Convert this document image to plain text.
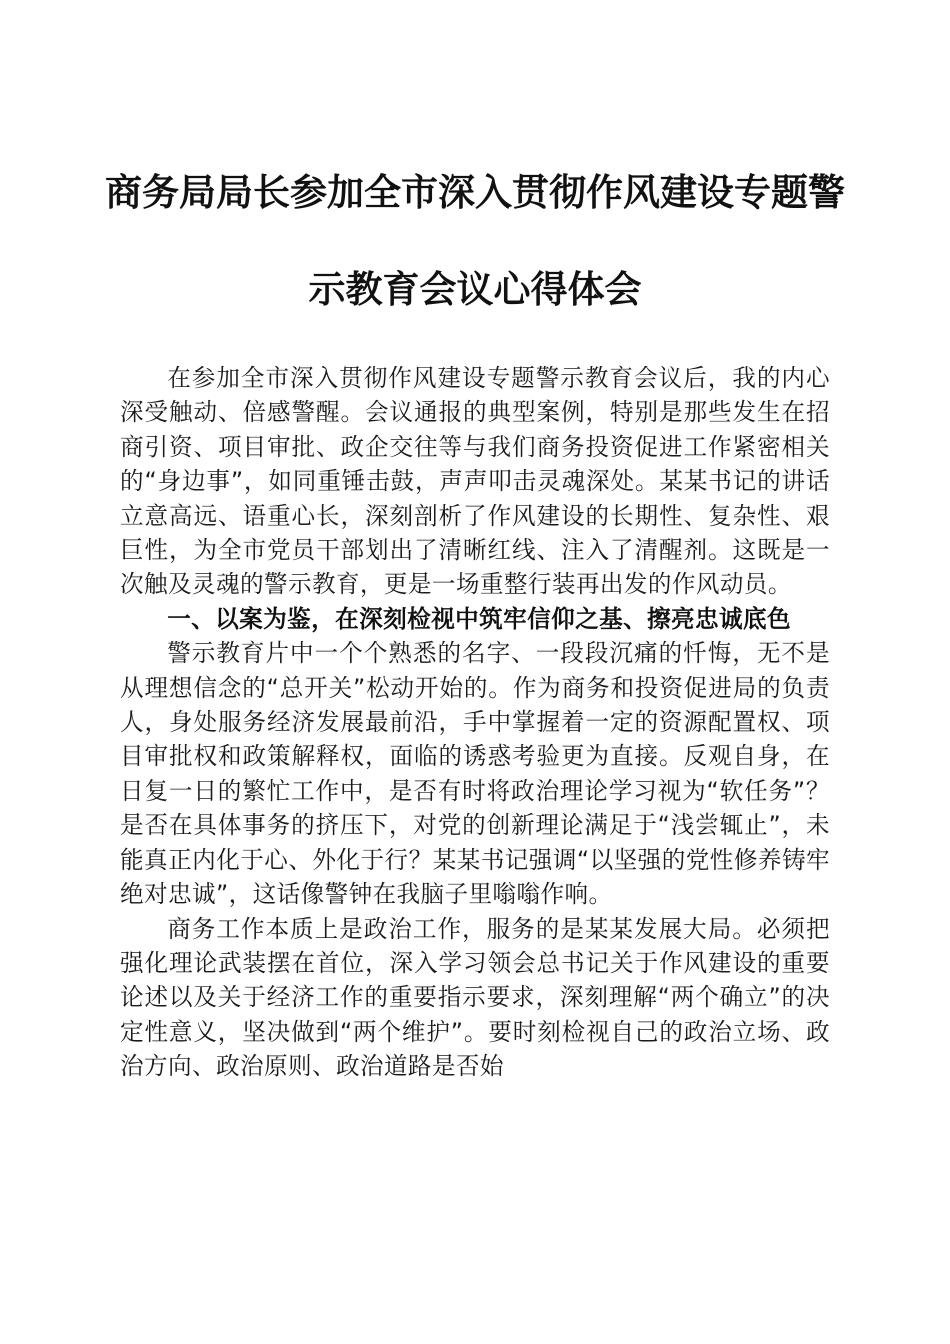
商务局局长参加全市深入贯彻作风建设专题警
示教育会议心得体会

在参加全市深入贯彻作风建设专题警示教育会议后，我的内心深受触动、倍感警醒。会议通报的典型案例，特别是那些发生在招商引资、项目审批、政企交往等与我们商务投资促进工作紧密相关的“身边事”，如同重锤击鼓，声声叩击灵魂深处。某某书记的讲话立意高远、语重心长，深刻剖析了作风建设的长期性、复杂性、艰巨性，为全市党员干部划出了清晰红线、注入了清醒剂。这既是一次触及灵魂的警示教育，更是一场重整行装再出发的作风动员。

一、以案为鉴，在深刻检视中筑牢信仰之基、擦亮忠诚底色

警示教育片中一个个熟悉的名字、一段段沉痛的忏悔，无不是从理想信念的“总开关”松动开始的。作为商务和投资促进局的负责人，身处服务经济发展最前沿，手中掌握着一定的资源配置权、项目审批权和政策解释权，面临的诱惑考验更为直接。反观自身，在日复一日的繁忙工作中，是否有时将政治理论学习视为“软任务”？是否在具体事务的挤压下，对党的创新理论满足于“浅尝辄止”，未能真正内化于心、外化于行？某某书记强调“以坚强的党性修养铸牢绝对忠诚”，这话像警钟在我脑子里嗡嗡作响。

商务工作本质上是政治工作，服务的是某某发展大局。必须把强化理论武装摆在首位，深入学习领会总书记关于作风建设的重要论述以及关于经济工作的重要指示要求，深刻理解“两个确立”的决定性意义，坚决做到“两个维护”。要时刻检视自己的政治立场、政治方向、政治原则、政治道路是否始
